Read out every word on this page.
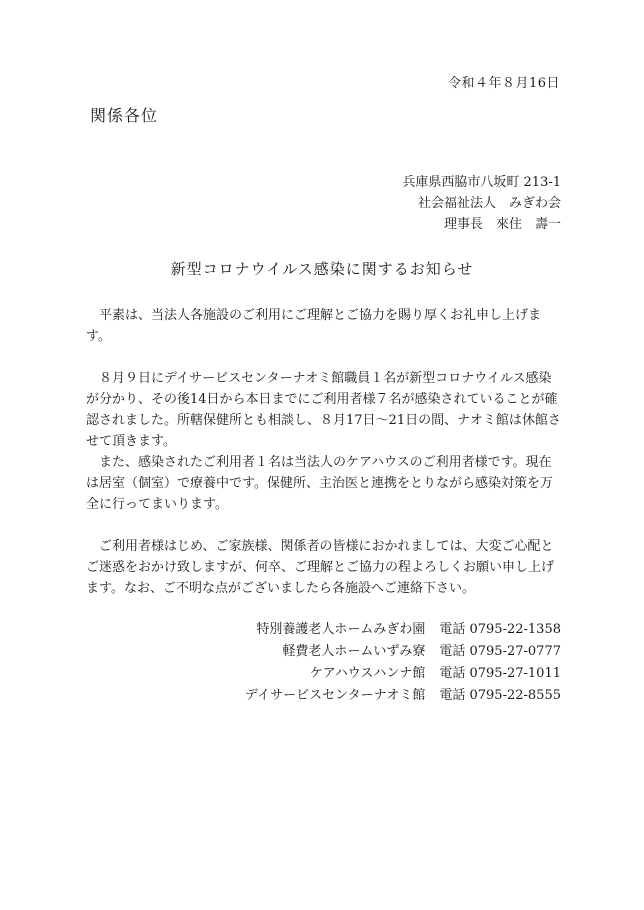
令和４年８月16日
関係各位
兵庫県西脇市八坂町 213-1
社会福祉法人　みぎわ会
理事長　來住　壽一
新型コロナウイルス感染に関するお知らせ

平素は、当法人各施設のご利用にご理解とご協力を賜り厚くお礼申し上げます。

８月９日にデイサービスセンターナオミ館職員１名が新型コロナウイルス感染が分かり、その後14日から本日までにご利用者様７名が感染されていることが確認されました。所轄保健所とも相談し、８月17日～21日の間、ナオミ館は休館させて頂きます。

また、感染されたご利用者１名は当法人のケアハウスのご利用者様です。現在は居室（個室）で療養中です。保健所、主治医と連携をとりながら感染対策を万全に行ってまいります。

ご利用者様はじめ、ご家族様、関係者の皆様におかれましては、大変ご心配とご迷惑をおかけ致しますが、何卒、ご理解とご協力の程よろしくお願い申し上げます。なお、ご不明な点がございましたら各施設へご連絡下さい。

特別養護老人ホームみぎわ園 電話 0795-22-1358
軽費老人ホームいずみ寮 電話 0795-27-0777
ケアハウスハンナ館 電話 0795-27-1011
デイサービスセンターナオミ館 電話 0795-22-8555
